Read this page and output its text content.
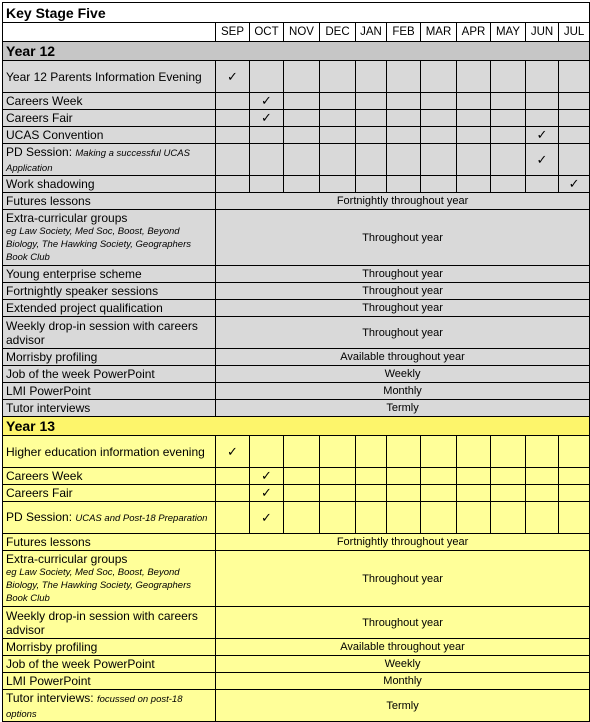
Key Stage Five											
	SEP	OCT	NOV	DEC	JAN	FEB	MAR	APR	MAY	JUN	JUL
Year 12											
Year 12 Parents Information Evening	✓										
Careers Week		✓									
Careers Fair		✓									
UCAS Convention										✓	
PD Session: Making a successful UCAS Application										✓	
Work shadowing											✓
Futures lessons	Fortnightly throughout year										
Extra-curricular groups
eg Law Society, Med Soc, Boost, Beyond Biology, The Hawking Society, Geographers Book Club	Throughout year										
Young enterprise scheme	Throughout year										
Fortnightly speaker sessions	Throughout year										
Extended project qualification	Throughout year										
Weekly drop-in session with careers advisor	Throughout year										
Morrisby profiling	Available throughout year										
Job of the week PowerPoint	Weekly										
LMI PowerPoint	Monthly										
Tutor interviews	Termly										
Year 13											
Higher education information evening	✓										
Careers Week		✓									
Careers Fair		✓									
PD Session: UCAS and Post-18 Preparation		✓									
Futures lessons	Fortnightly throughout year										
Extra-curricular groups
eg Law Society, Med Soc, Boost, Beyond Biology, The Hawking Society, Geographers Book Club	Throughout year										
Weekly drop-in session with careers advisor	Throughout year										
Morrisby profiling	Available throughout year										
Job of the week PowerPoint	Weekly										
LMI PowerPoint	Monthly										
Tutor interviews: focussed on post-18 options	Termly										
